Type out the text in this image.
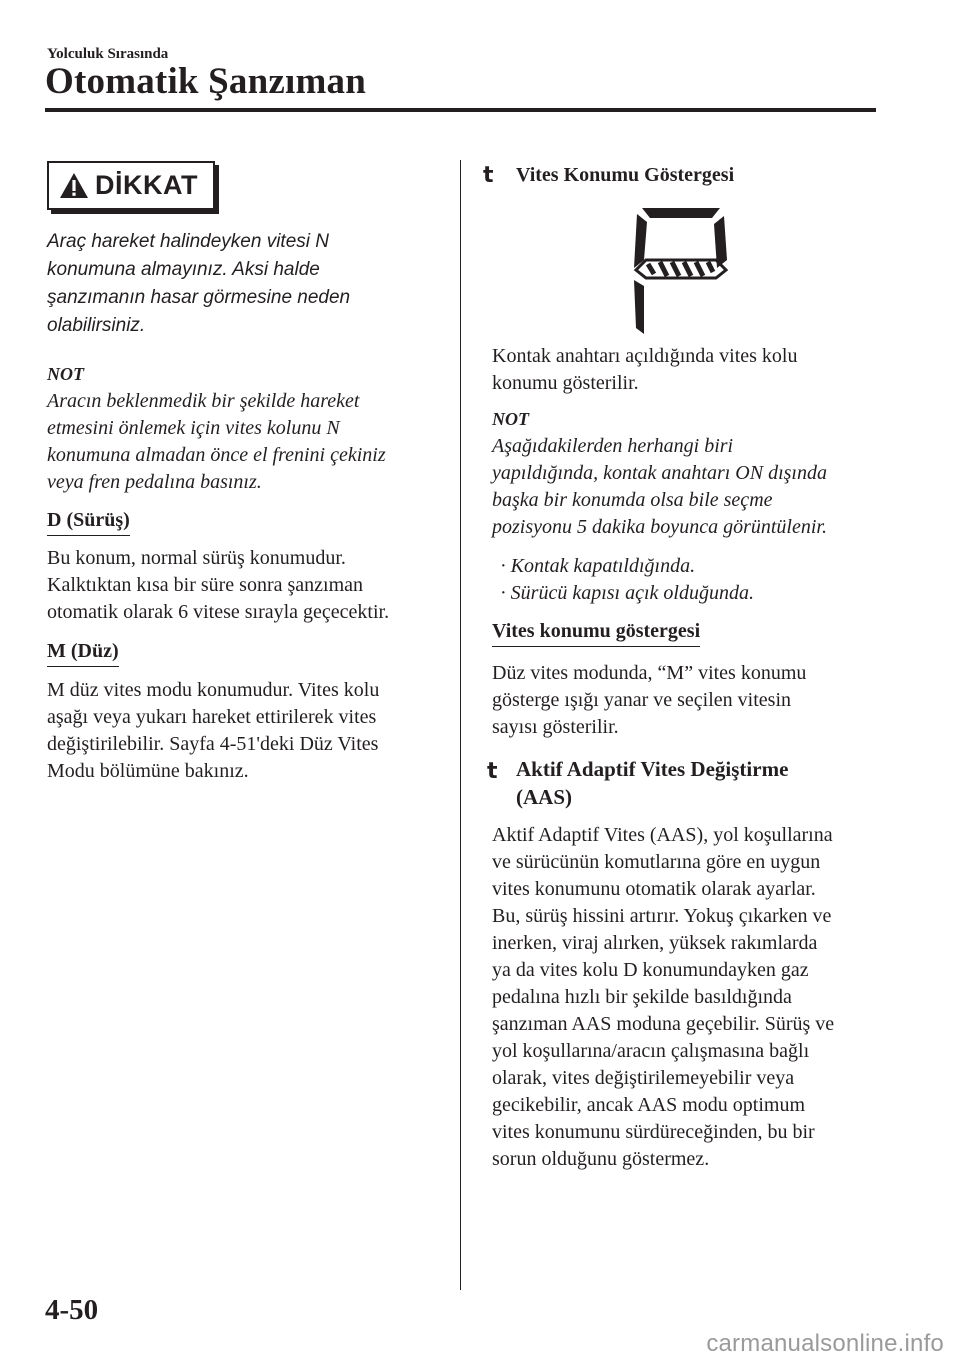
Yolculuk Sırasında
Otomatik Şanzıman
DİKKAT
Araç hareket halindeyken vitesi N
konumuna almayınız. Aksi halde
şanzımanın hasar görmesine neden
olabilirsiniz.
NOT
Aracın beklenmedik bir şekilde hareket
etmesini önlemek için vites kolunu N
konumuna almadan önce el frenini çekiniz
veya fren pedalına basınız.
D (Sürüş)
Bu konum, normal sürüş konumudur.
Kalktıktan kısa bir süre sonra şanzıman
otomatik olarak 6 vitese sırayla geçecektir.
M (Düz)
M düz vites modu konumudur. Vites kolu
aşağı veya yukarı hareket ettirilerek vites
değiştirilebilir. Sayfa 4-51'deki Düz Vites
Modu bölümüne bakınız.
t Vites Konumu Göstergesi
Kontak anahtarı açıldığında vites kolu
konumu gösterilir.
NOT
Aşağıdakilerden herhangi biri
yapıldığında, kontak anahtarı ON dışında
başka bir konumda olsa bile seçme
pozisyonu 5 dakika boyunca görüntülenir.
· Kontak kapatıldığında.
· Sürücü kapısı açık olduğunda.
Vites konumu göstergesi
Düz vites modunda, “M” vites konumu
gösterge ışığı yanar ve seçilen vitesin
sayısı gösterilir.
t Aktif Adaptif Vites Değiştirme
(AAS)
Aktif Adaptif Vites (AAS), yol koşullarına
ve sürücünün komutlarına göre en uygun
vites konumunu otomatik olarak ayarlar.
Bu, sürüş hissini artırır. Yokuş çıkarken ve
inerken, viraj alırken, yüksek rakımlarda
ya da vites kolu D konumundayken gaz
pedalına hızlı bir şekilde basıldığında
şanzıman AAS moduna geçebilir. Sürüş ve
yol koşullarına/aracın çalışmasına bağlı
olarak, vites değiştirilemeyebilir veya
gecikebilir, ancak AAS modu optimum
vites konumunu sürdüreceğinden, bu bir
sorun olduğunu göstermez.
4-50
carmanualsonline.info
